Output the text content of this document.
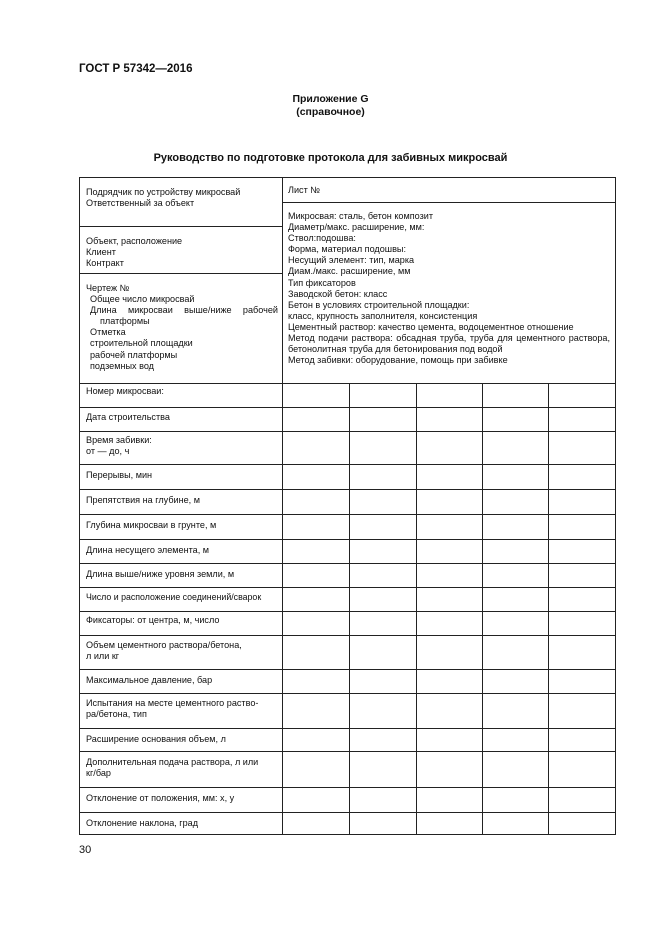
ГОСТ Р 57342—2016
Приложение G
(справочное)
Руководство по подготовке протокола для забивных микросвай
Подрядчик по устройству микросвай
Ответственный за объект
Объект, расположение
Клиент
Контракт
Чертеж №
Общее число микросвай
Длина микросваи выше/ниже рабочей
платформы
Отметка
строительной площадки
рабочей платформы
подземных вод
Лист №
Микросвая: сталь, бетон композит
Диаметр/макс. расширение, мм:
Ствол:подошва:
Форма, материал подошвы:
Несущий элемент: тип, марка
Диам./макс. расширение, мм
Тип фиксаторов
Заводской бетон: класс
Бетон в условиях строительной площадки:
класс, крупность заполнителя, консистенция
Цементный раствор: качество цемента, водоцементное отношение
Метод подачи раствора: обсадная труба, труба для цементного раствора, бетонолитная труба для бетонирования под водой
Метод забивки: оборудование, помощь при забивке
Номер микросваи:
Дата строительства
Время забивки:
от — до, ч
Перерывы, мин
Препятствия на глубине, м
Глубина микросваи в грунте, м
Длина несущего элемента, м
Длина выше/ниже уровня земли, м
Число и расположение соединений/сварок
Фиксаторы: от центра, м, число
Объем цементного раствора/бетона,
л или кг
Максимальное давление, бар
Испытания на месте цементного раство-
ра/бетона, тип
Расширение основания объем, л
Дополнительная подача раствора, л или
кг/бар
Отклонение от положения, мм: x, y
Отклонение наклона, град
30
